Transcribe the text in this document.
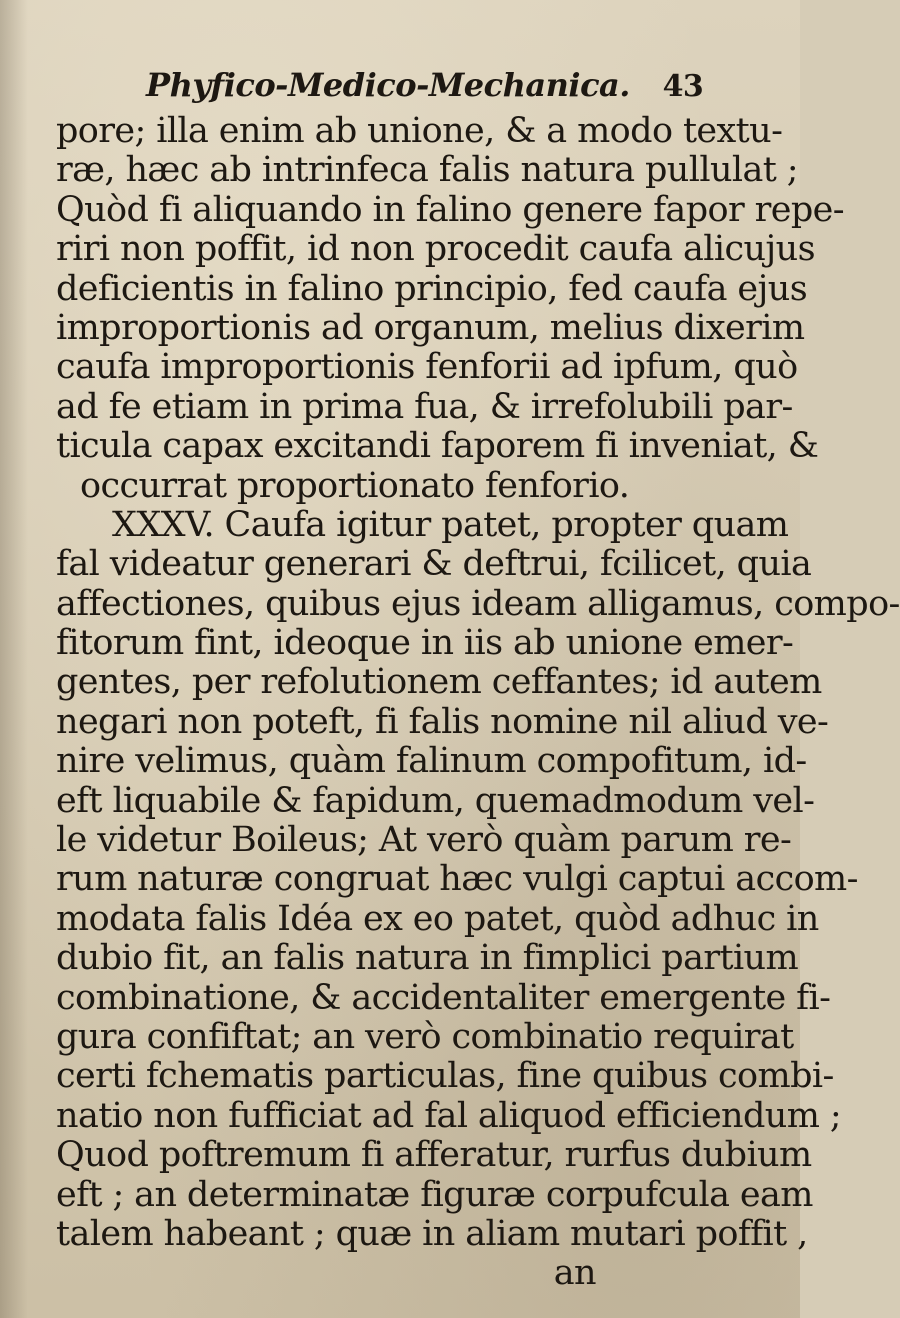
Phyfico-Medico-Mechanica. 43
pore; illa enim ab unione, & a modo textu-
ræ, hæc ab intrinfeca falis natura pullulat ;
Quòd fi aliquando in falino genere fapor repe-
riri non poffit, id non procedit caufa alicujus
deficientis in falino principio, fed caufa ejus
improportionis ad organum, melius dixerim
caufa improportionis fenforii ad ipfum, quò
ad fe etiam in prima fua, & irrefolubili par-
ticula capax excitandi faporem fi inveniat, &
occurrat proportionato fenforio.
XXXV. Caufa igitur patet, propter quam
fal videatur generari & deftrui, fcilicet, quia
affectiones, quibus ejus ideam alligamus, compo-
fitorum fint, ideoque in iis ab unione emer-
gentes, per refolutionem ceffantes; id autem
negari non poteft, fi falis nomine nil aliud ve-
nire velimus, quàm falinum compofitum, id-
eft liquabile & fapidum, quemadmodum vel-
le videtur Boileus; At verò quàm parum re-
rum naturæ congruat hæc vulgi captui accom-
modata falis Idéa ex eo patet, quòd adhuc in
dubio fit, an falis natura in fimplici partium
combinatione, & accidentaliter emergente fi-
gura confiftat; an verò combinatio requirat
certi fchematis particulas, fine quibus combi-
natio non fufficiat ad fal aliquod efficiendum ;
Quod poftremum fi afferatur, rurfus dubium
eft ; an determinatæ figuræ corpufcula eam
talem habeant ; quæ in aliam mutari poffit ,
an
